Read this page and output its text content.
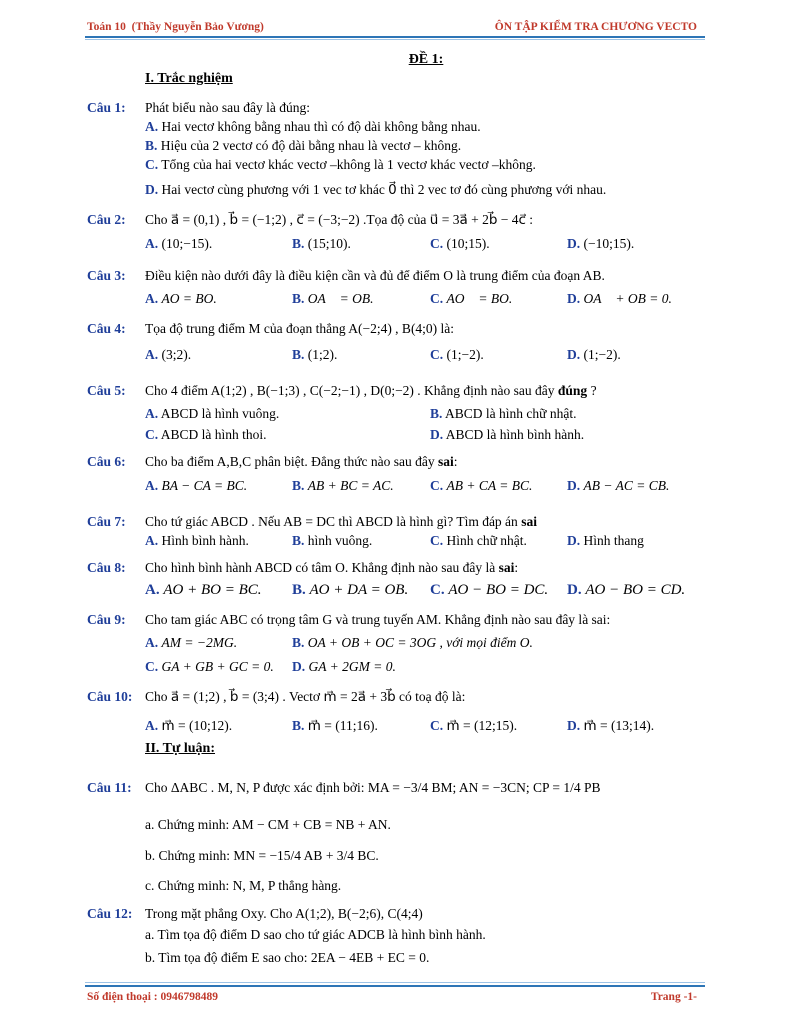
Toán 10 (Thầy Nguyễn Bảo Vương)	ÔN TẬP KIỂM TRA CHƯƠNG VECTO
ĐỀ 1:
I. Trắc nghiệm
Câu 1: Phát biểu nào sau đây là đúng:
A. Hai vectơ không bằng nhau thì có độ dài không bằng nhau.
B. Hiệu của 2 vectơ có độ dài bằng nhau là vectơ – không.
C. Tổng của hai vectơ khác vectơ –không là 1 vectơ khác vectơ –không.
D. Hai vectơ cùng phương với 1 vec tơ khác 0⃗ thì 2 vec tơ đó cùng phương với nhau.
Câu 2: Cho a⃗ = (0,1) , b⃗ = (−1;2) , c⃗ = (−3;−2) .Tọa độ của u⃗ = 3a⃗ + 2b⃗ − 4c⃗ :
A. (10;−15).	B. (15;10).	C. (10;15).	D. (−10;15).
Câu 3: Điều kiện nào dưới đây là điều kiện cần và đủ để điểm O là trung điểm của đoạn AB.
A. AO = BO.	B. OA⃗ = OB.	C. AO⃗ = BO.	D. OA⃗ + OB = 0.
Câu 4: Tọa độ trung điểm M của đoạn thẳng A(−2;4) , B(4;0) là:
A. (3;2).	B. (1;2).	C. (1;−2).	D. (1;−2).
Câu 5: Cho 4 điểm A(1;2) , B(−1;3) , C(−2;−1) , D(0;−2) . Khẳng định nào sau đây đúng ?
A. ABCD là hình vuông.	B. ABCD là hình chữ nhật.
C. ABCD là hình thoi.	D. ABCD là hình bình hành.
Câu 6: Cho ba điểm A,B,C phân biệt. Đẳng thức nào sau đây sai:
A. BA − CA = BC.	B. AB + BC = AC.	C. AB + CA = BC.	D. AB − AC = CB.
Câu 7: Cho tứ giác ABCD . Nếu AB = DC thì ABCD là hình gì? Tìm đáp án sai
A. Hình bình hành.	B. hình vuông.	C. Hình chữ nhật.	D. Hình thang
Câu 8: Cho hình bình hành ABCD có tâm O. Khẳng định nào sau đây là sai:
A. AO + BO = BC. B. AO + DA = OB. C. AO − BO = DC. D. AO − BO = CD.
Câu 9: Cho tam giác ABC có trọng tâm G và trung tuyến AM. Khẳng định nào sau đây là sai:
A. AM = −2MG.	B. OA + OB + OC = 3OG , với mọi điểm O.
C. GA + GB + GC = 0. D. GA + 2GM = 0.
Câu 10: Cho a⃗ = (1;2) , b⃗ = (3;4) . Vectơ m⃗ = 2a⃗ + 3b⃗ có toạ độ là:
A. m⃗ = (10;12).	B. m⃗ = (11;16).	C. m⃗ = (12;15).	D. m⃗ = (13;14).
II. Tự luận:
Câu 11: Cho ΔABC . M, N, P được xác định bởi: MA = −3/4 BM; AN = −3CN; CP = 1/4 PB
a. Chứng minh: AM − CM + CB = NB + AN.
b. Chứng minh: MN = −15/4 AB + 3/4 BC.
c. Chứng minh: N, M, P thẳng hàng.
Câu 12: Trong mặt phẳng Oxy. Cho A(1;2), B(−2;6), C(4;4)
a. Tìm tọa độ điểm D sao cho tứ giác ADCB là hình bình hành.
b. Tìm tọa độ điểm E sao cho: 2EA − 4EB + EC = 0.
Số điện thoại : 0946798489	Trang -1-
